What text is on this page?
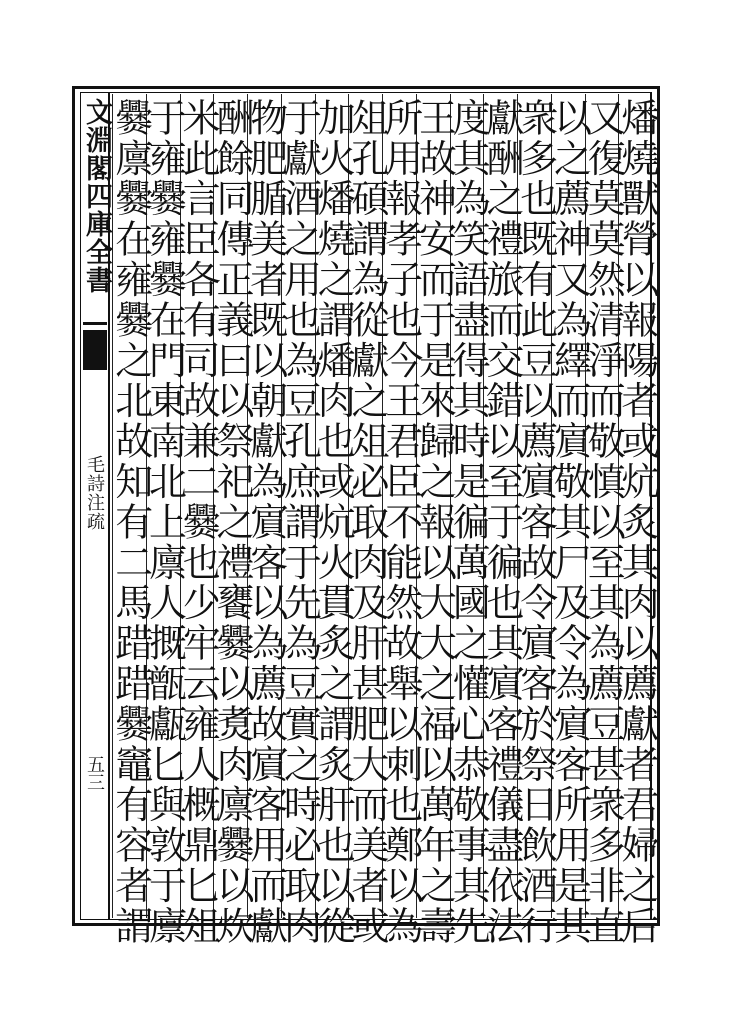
文淵閣四庫全書
毛詩注疏
五三	燔燒獸膋以報陽者或炕炙其肉以薦獻者君婦之后
又復莫莫然清淨而敬慎以至其為薦豆甚衆多非直
以之薦神又為繹而賔敬其尸及令為賔客所用是其
衆多也既有此豆以薦賔客故令賔客於祭日飲酒行
獻酬之禮旅而交錯以至于徧也其賔客禮儀盡依法
度其為笑語盡得其時是徧萬國之懽心恭敬事其先
王故神安而于是來歸之報以大大之福以萬年之壽
所用報孝子也今王君臣不能然故舉以刺也鄭以為
俎孔碩謂為從獻之俎必取肉及肝甚肥大而美者或
加火燔燒之謂燔肉也或炕火貫炙之謂炙肝也以從
于獻酒之用也為豆孔庶謂于先為豆實之時必取肉
物肥腯美者既以朝獻為賔客以為薦故賔客用而獻
酬餘同傳正義曰以祭祀之禮饔爨以煑肉廪爨以炊
米此言臣各有司故兼二爨也少牢云雍人概鼎匕俎
于雍爨雍爨在門東南北上廪人摡甑甗匕與敦于廪
爨廪爨在雍爨之北故知有二馬踖踖爨竈有容者謂
